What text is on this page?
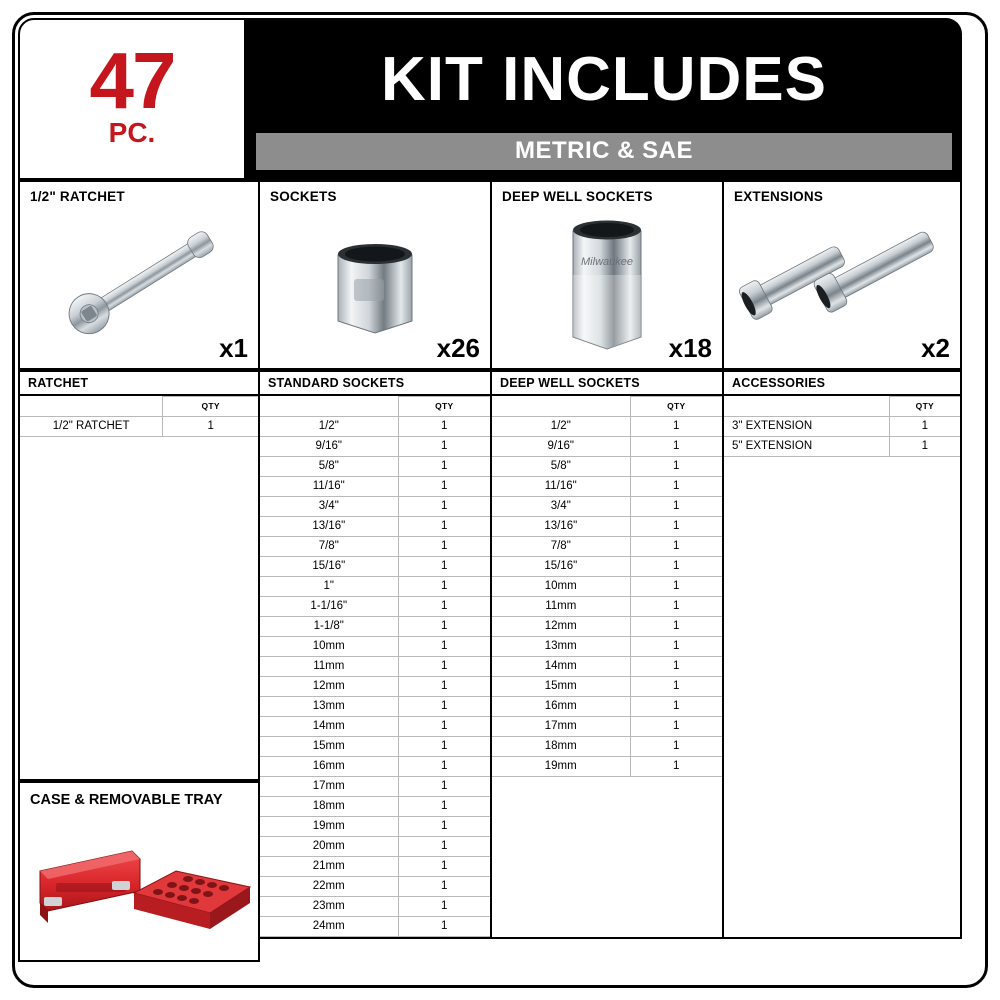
47
PC.
KIT INCLUDES
METRIC & SAE
1/2" RATCHET
x1
SOCKETS
x26
DEEP WELL SOCKETS
Milwaukee
x18
EXTENSIONS
x2
RATCHET
	QTY
1/2" RATCHET	1
STANDARD SOCKETS
	QTY
1/2"	1
9/16"	1
5/8"	1
11/16"	1
3/4"	1
13/16"	1
7/8"	1
15/16"	1
1"	1
1-1/16"	1
1-1/8"	1
10mm	1
11mm	1
12mm	1
13mm	1
14mm	1
15mm	1
16mm	1
17mm	1
18mm	1
19mm	1
20mm	1
21mm	1
22mm	1
23mm	1
24mm	1
DEEP WELL SOCKETS
	QTY
1/2"	1
9/16"	1
5/8"	1
11/16"	1
3/4"	1
13/16"	1
7/8"	1
15/16"	1
10mm	1
11mm	1
12mm	1
13mm	1
14mm	1
15mm	1
16mm	1
17mm	1
18mm	1
19mm	1
ACCESSORIES
	QTY
3" EXTENSION	1
5" EXTENSION	1
CASE & REMOVABLE TRAY
